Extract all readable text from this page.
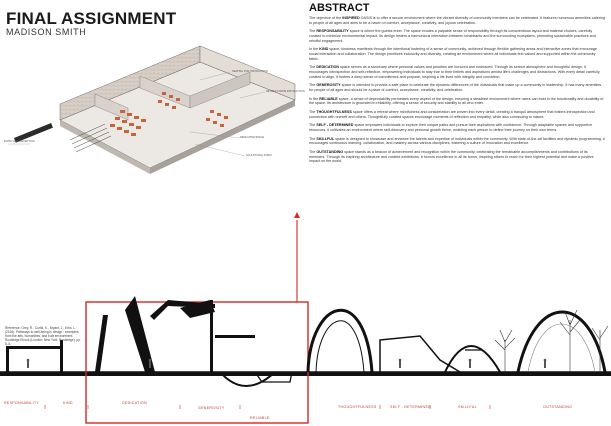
FINAL ASSIGNMENT
MADISON SMITH
SEATING FOR INSTRUCTION
RETREAT FROM INSTRUCTION
DEDICATED SPACE
ENTRY AND RECEPTION
SCULPTURAL FORM
ABSTRACT

The objective of the INSPIRED OASIS is to offer a secure environment where the vibrant diversity of community members can be celebrated. It features numerous amenities catering to people of all ages and aims to be a haven of comfort, acceptance, creativity, and joyous celebration.

The RESPONSABILITY space is where the guests enter. The space exudes a palpable sense of responsibility through its conscientious layout and material choices, carefully curated to minimize environmental impact. Its design fosters a harmonious interaction between inhabitants and the surrounding ecosystem, promoting sustainable practices and mindful engagement.

In the KIND space, kindness manifests through the intentional fostering of a sense of community, achieved through flexible gathering areas and interactive zones that encourage social interaction and collaboration. The design prioritizes inclusivity and diversity, creating an environment where all individuals feel valued and supported within the community fabric.

The DEDICATION space serves as a sanctuary where personal values and priorities are honored and embraced. Through its serene atmosphere and thoughtful design, it encourages introspection and self-reflection, empowering individuals to stay true to their beliefs and aspirations amidst life's challenges and distractions. With every detail carefully curated to align, it fosters a deep sense of commitment and purpose, inspiring a life lived with integrity and conviction.

The GENEROSITY space is intended to provide a safe place to celebrate the dynamic differences of the individuals that make up a community in leadership. It has many amenities for people of all ages and should be a place of comfort, acceptance, creativity, and celebration.

In the RELIABLE space, a sense of dependability permeates every aspect of the design, ensuring a steadfast environment where users can trust in the functionality and durability of the space. Its architecture is grounded in reliability, offering a sense of security and stability to all who enter.

The THOUGHTFULNESS space offers a retreat where mindfulness and consideration are woven into every detail, creating a tranquil atmosphere that fosters introspection and connection with oneself and others. Thoughtfully curated spaces encourage moments of reflection and empathy, while also connecting to nature.

The SELF - DETERMINED space empowers individuals to explore their unique paths and pursue their aspirations with confidence. Through adaptable spaces and supportive resources, it cultivates an environment where self-discovery and personal growth thrive, enabling each person to define their journey on their own terms.

The SKILLFUL space is designed to showcase and enhance the talents and expertise of individuals within the community. With state-of-the-art facilities and dynamic programming, it encourages continuous learning, collaboration, and mastery across various disciplines, fostering a culture of innovation and excellence.

The OUTSTANDING space stands as a beacon of achievement and recognition within the community, celebrating the remarkable accomplishments and contributions of its members. Through its inspiring architecture and curated exhibitions, it honors excellence in all its forms, inspiring others to reach for their highest potential and make a positive impact on the world.

Reference: Grey, R., Curtis, K., Bryant, J., Erbs, L. (2016). Pathways to well-being in design : examples from the arts, humanities, and built environment. Routledge Ebook (London; New York: Routledge). pp. 5–5.
RESPONSABILITY	KIND	DEDICATION
GENEROSITY
RELIABLE
THOUGHTFULNESS	SELF - DETERMINED	SKILLFUL	OUTSTANDING
